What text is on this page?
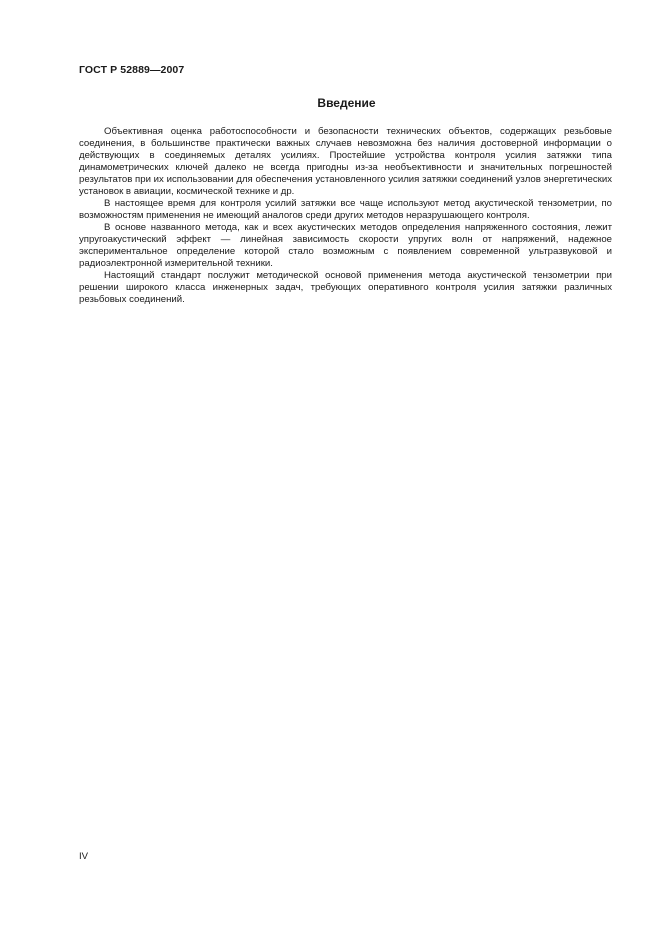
ГОСТ Р 52889—2007
Введение

Объективная оценка работоспособности и безопасности технических объектов, содержащих резьбовые соединения, в большинстве практически важных случаев невозможна без наличия достоверной информации о действующих в соединяемых деталях усилиях. Простейшие устройства контроля усилия затяжки типа динамометрических ключей далеко не всегда пригодны из-за необъективности и значительных погрешностей результатов при их использовании для обеспечения установленного усилия затяжки соединений узлов энергетических установок в авиации, космической технике и др.

В настоящее время для контроля усилий затяжки все чаще используют метод акустической тензометрии, по возможностям применения не имеющий аналогов среди других методов неразрушающего контроля.

В основе названного метода, как и всех акустических методов определения напряженного состояния, лежит упругоакустический эффект — линейная зависимость скорости упругих волн от напряжений, надежное экспериментальное определение которой стало возможным с появлением современной ультразвуковой и радиоэлектронной измерительной техники.

Настоящий стандарт послужит методической основой применения метода акустической тензометрии при решении широкого класса инженерных задач, требующих оперативного контроля усилия затяжки различных резьбовых соединений.

IV
